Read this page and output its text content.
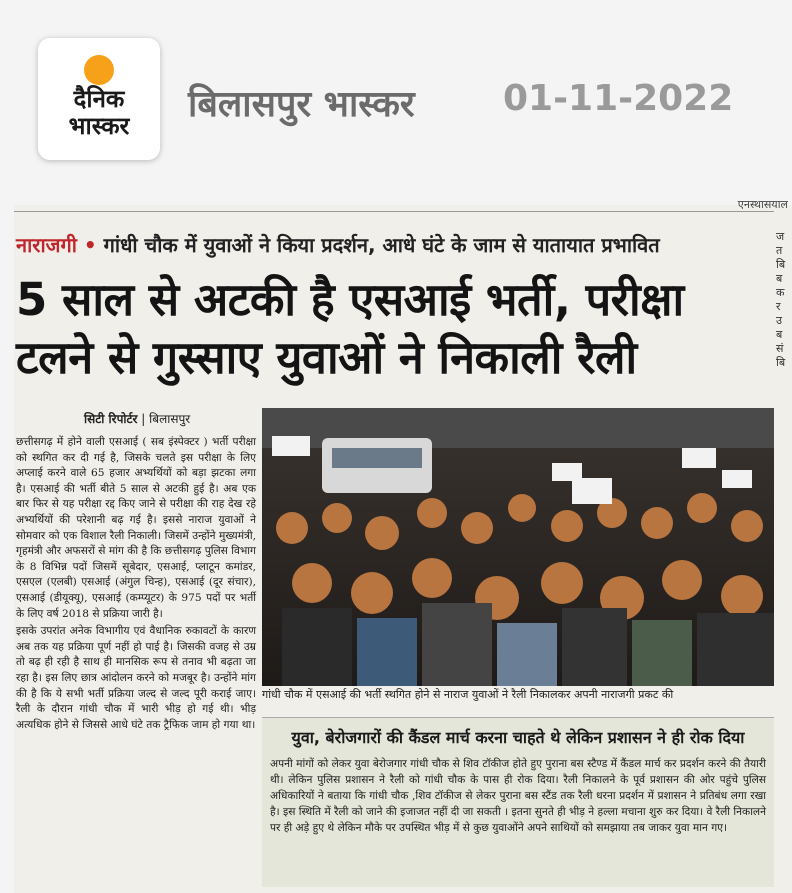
दैनिक
भास्कर
बिलासपुर भास्कर 01-11-2022
एनस्थासयाल
नाराजगी • गांधी चौक में युवाओं ने किया प्रदर्शन, आधे घंटे के जाम से यातायात प्रभावित
5 साल से अटकी है एसआई भर्ती, परीक्षा टलने से गुस्साए युवाओं ने निकाली रैली
सिटी रिपोर्टर | बिलासपुर

छत्तीसगढ़ में होने वाली एसआई ( सब इंस्पेक्टर ) भर्ती परीक्षा को स्थगित कर दी गई है, जिसके चलते इस परीक्षा के लिए अप्लाई करने वाले 65 हजार अभ्यर्थियों को बड़ा झटका लगा है। एसआई की भर्ती बीते 5 साल से अटकी हुई है। अब एक बार फिर से यह परीक्षा रद्द किए जाने से परीक्षा की राह देख रहे अभ्यर्थियों की परेशानी बढ़ गई है। इससे नाराज युवाओं ने सोमवार को एक विशाल रैली निकाली। जिसमें उन्होंने मुख्यमंत्री, गृहमंत्री और अफसरों से मांग की है कि छत्तीसगढ़ पुलिस विभाग के 8 विभिन्न पदों जिसमें सूबेदार, एसआई, प्लाटून कमांडर, एसएल (एलबी) एसआई (अंगुल चिन्ह), एसआई (दूर संचार), एसआई (डीयूक्यू), एसआई (कम्प्यूटर) के 975 पदों पर भर्ती के लिए वर्ष 2018 से प्रक्रिया जारी है।

इसके उपरांत अनेक विभागीय एवं वैधानिक रुकावटों के कारण अब तक यह प्रक्रिया पूर्ण नहीं हो पाई है। जिसकी वजह से उम्र तो बढ़ ही रही है साथ ही मानसिक रूप से तनाव भी बढ़ता जा रहा है। इस लिए छात्र आंदोलन करने को मजबूर है। उन्होंने मांग की है कि ये सभी भर्ती प्रक्रिया जल्द से जल्द पूरी कराई जाए। रैली के दौरान गांधी चौक में भारी भीड़ हो गई थी। भीड़ अत्यधिक होने से जिससे आधे घंटे तक ट्रैफिक जाम हो गया था।

गांधी चौक में एसआई की भर्ती स्थगित होने से नाराज युवाओं ने रैली निकालकर अपनी नाराजगी प्रकट की
युवा, बेरोजगारों की कैंडल मार्च करना चाहते थे लेकिन प्रशासन ने ही रोक दिया
अपनी मांगों को लेकर युवा बेरोजगार गांधी चौक से शिव टॉकीज होते हुए पुराना बस स्टैण्ड में कैंडल मार्च कर प्रदर्शन करने की तैयारी थी। लेकिन पुलिस प्रशासन ने रैली को गांधी चौक के पास ही रोक दिया। रैली निकालने के पूर्व प्रशासन की ओर पहुंचे पुलिस अधिकारियों ने बताया कि गांधी चौक ,शिव टॉकीज से लेकर पुराना बस स्टैंड तक रैली धरना प्रदर्शन में प्रशासन ने प्रतिबंध लगा रखा है। इस स्थिति में रैली को जाने की इजाजत नहीं दी जा सकती । इतना सुनते ही भीड़ ने हल्ला मचाना शुरु कर दिया। वे रैली निकालने पर ही अड़े हुए थे लेकिन मौके पर उपस्थित भीड़ में से कुछ युवाओंने अपने साथियों को समझाया तब जाकर युवा मान गए।
ज
त
बि
ब
क
र
उ
ब
सं
बि
